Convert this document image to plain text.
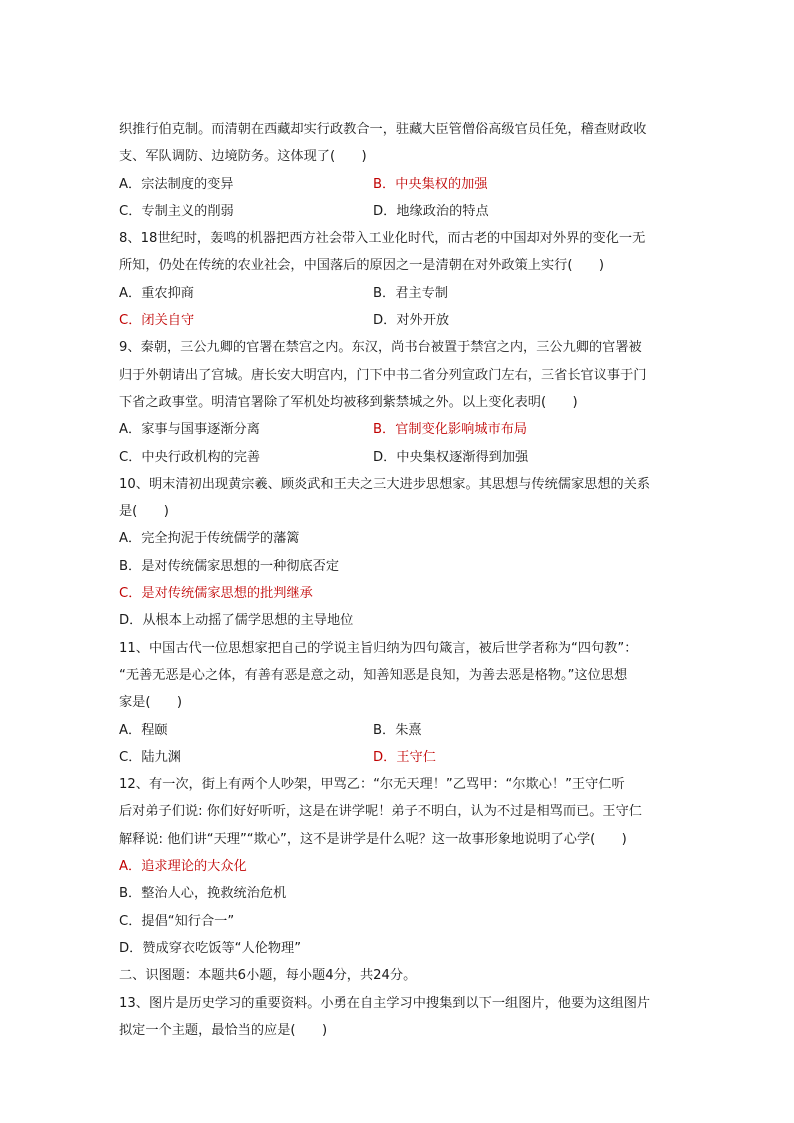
织推行伯克制。而清朝在西藏却实行政教合一，驻藏大臣管僧俗高级官员任免，稽查财政收
支、军队调防、边境防务。这体现了(　　)
A．宗法制度的变异	B．中央集权的加强
C．专制主义的削弱	D．地缘政治的特点
8、18世纪时，轰鸣的机器把西方社会带入工业化时代，而古老的中国却对外界的变化一无
所知，仍处在传统的农业社会，中国落后的原因之一是清朝在对外政策上实行(　　)
A．重农抑商	B．君主专制
C．闭关自守	D．对外开放
9、秦朝，三公九卿的官署在禁宫之内。东汉，尚书台被置于禁宫之内，三公九卿的官署被
归于外朝请出了宫城。唐长安大明宫内，门下中书二省分列宣政门左右，三省长官议事于门
下省之政事堂。明清官署除了军机处均被移到紫禁城之外。以上变化表明(　　)
A．家事与国事逐渐分离	B．官制变化影响城市布局
C．中央行政机构的完善	D．中央集权逐渐得到加强
10、明末清初出现黄宗羲、顾炎武和王夫之三大进步思想家。其思想与传统儒家思想的关系
是(　　)
A．完全拘泥于传统儒学的藩篱
B．是对传统儒家思想的一种彻底否定
C．是对传统儒家思想的批判继承
D．从根本上动摇了儒学思想的主导地位
11、中国古代一位思想家把自己的学说主旨归纳为四句箴言，被后世学者称为“四句教”：
“无善无恶是心之体，有善有恶是意之动，知善知恶是良知，为善去恶是格物。”这位思想
家是(　　)
A．程颐	B．朱熹
C．陆九渊	D．王守仁
12、有一次，街上有两个人吵架，甲骂乙：“尔无天理！”乙骂甲：“尔欺心！”王守仁听
后对弟子们说: 你们好好听听，这是在讲学呢！弟子不明白，认为不过是相骂而已。王守仁
解释说: 他们讲“天理”“欺心”，这不是讲学是什么呢？这一故事形象地说明了心学(　　)
A．追求理论的大众化
B．整治人心，挽救统治危机
C．提倡“知行合一”
D．赞成穿衣吃饭等“人伦物理”
二、识图题：本题共6小题，每小题4分，共24分。
13、图片是历史学习的重要资料。小勇在自主学习中搜集到以下一组图片，他要为这组图片
拟定一个主题，最恰当的应是(　　)
